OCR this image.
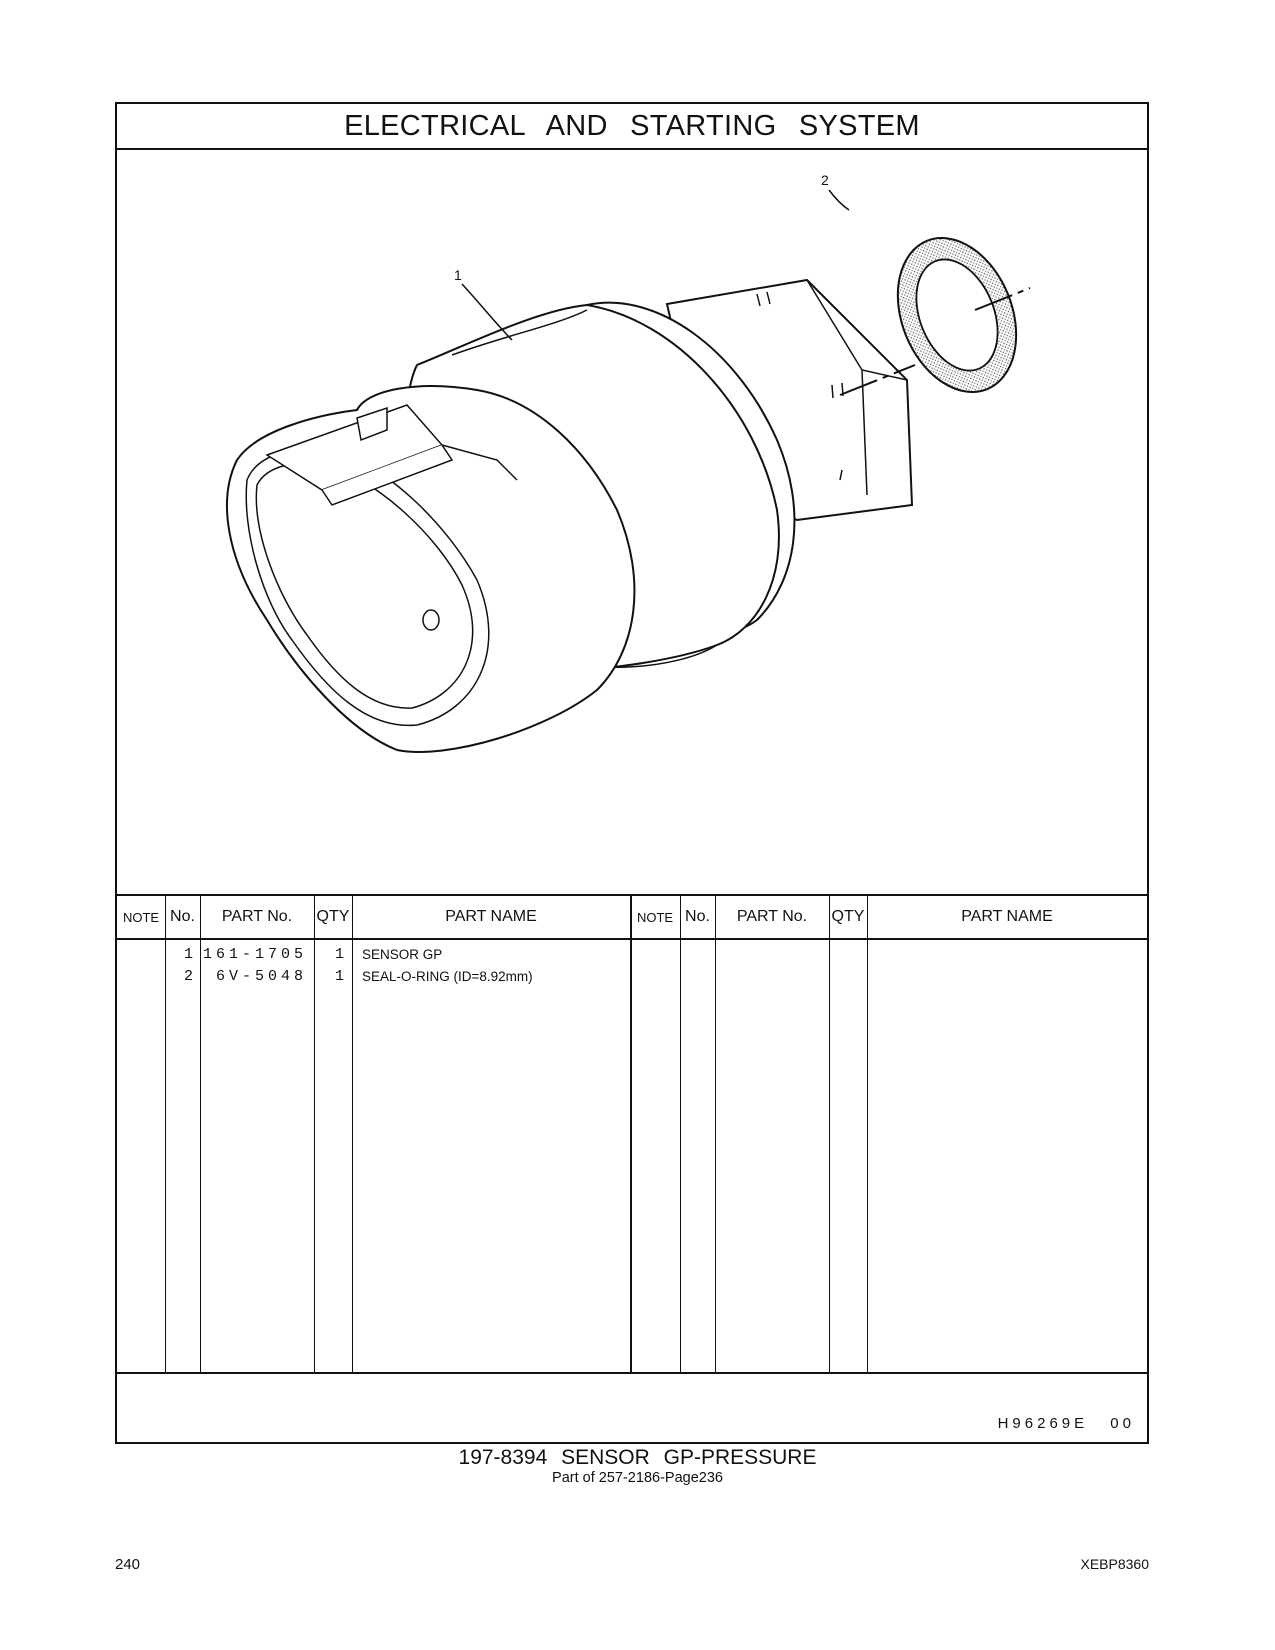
ELECTRICAL AND STARTING SYSTEM
1
2
NOTE No.	PART No.	QTY	PART NAME	NOTE No.	PART No.	QTY	PART NAME
1 161-1705	1 SENSOR GP
2	6V-5048	1 SEAL-O-RING (ID=8.92mm)
H96269E 00
197-8394 SENSOR GP-PRESSURE
Part of 257-2186-Page236
240	XEBP8360
